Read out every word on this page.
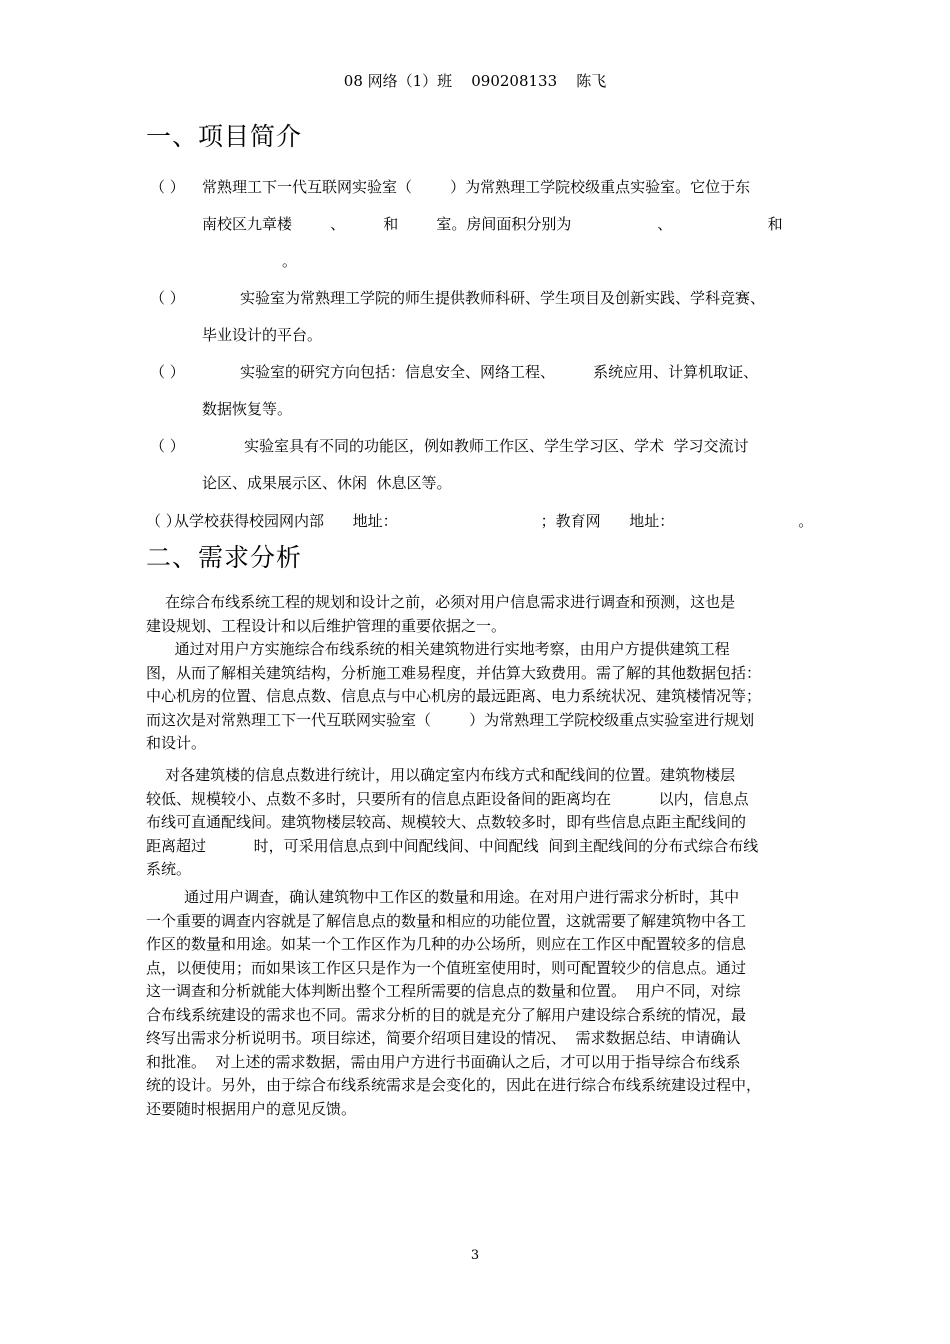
08 网络（1）班    090208133    陈飞
一、项目简介
（ ） 常熟理工下一代互联网实验室（        ）为常熟理工学院校级重点实验室。它位于东
南校区九章楼        、        和        室。房间面积分别为                  、                    和
。
（ ）	实验室为常熟理工学院的师生提供教师科研、学生项目及创新实践、学科竞赛、
毕业设计的平台。
（ ）	实验室的研究方向包括：信息安全、网络工程、        系统应用、计算机取证、
数据恢复等。
（ ）	实验室具有不同的功能区，例如教师工作区、学生学习区、学术  学习交流讨
论区、成果展示区、休闲  休息区等。
（ ）
从学校获得校园网内部      地址：                              ；教育网      地址：                          。
二、需求分析
在综合布线系统工程的规划和设计之前，必须对用户信息需求进行调查和预测，这也是
建设规划、工程设计和以后维护管理的重要依据之一。
通过对用户方实施综合布线系统的相关建筑物进行实地考察，由用户方提供建筑工程
图，从而了解相关建筑结构，分析施工难易程度，并估算大致费用。需了解的其他数据包括：
中心机房的位置、信息点数、信息点与中心机房的最远距离、电力系统状况、建筑楼情况等；
而这次是对常熟理工下一代互联网实验室（        ）为常熟理工学院校级重点实验室进行规划
和设计。
对各建筑楼的信息点数进行统计，用以确定室内布线方式和配线间的位置。建筑物楼层
较低、规模较小、点数不多时，只要所有的信息点距设备间的距离均在          以内，信息点
布线可直通配线间。建筑物楼层较高、规模较大、点数较多时，即有些信息点距主配线间的
距离超过          时，可采用信息点到中间配线间、中间配线  间到主配线间的分布式综合布线
系统。
通过用户调查，确认建筑物中工作区的数量和用途。在对用户进行需求分析时，其中
一个重要的调查内容就是了解信息点的数量和相应的功能位置，这就需要了解建筑物中各工
作区的数量和用途。如某一个工作区作为几种的办公场所，则应在工作区中配置较多的信息
点，以便使用；而如果该工作区只是作为一个值班室使用时，则可配置较少的信息点。通过
这一调查和分析就能大体判断出整个工程所需要的信息点的数量和位置。  用户不同，对综
合布线系统建设的需求也不同。需求分析的目的就是充分了解用户建设综合系统的情况，最
终写出需求分析说明书。项目综述，简要介绍项目建设的情况、  需求数据总结、申请确认
和批准。  对上述的需求数据，需由用户方进行书面确认之后，才可以用于指导综合布线系
统的设计。另外，由于综合布线系统需求是会变化的，因此在进行综合布线系统建设过程中，
还要随时根据用户的意见反馈。
3
